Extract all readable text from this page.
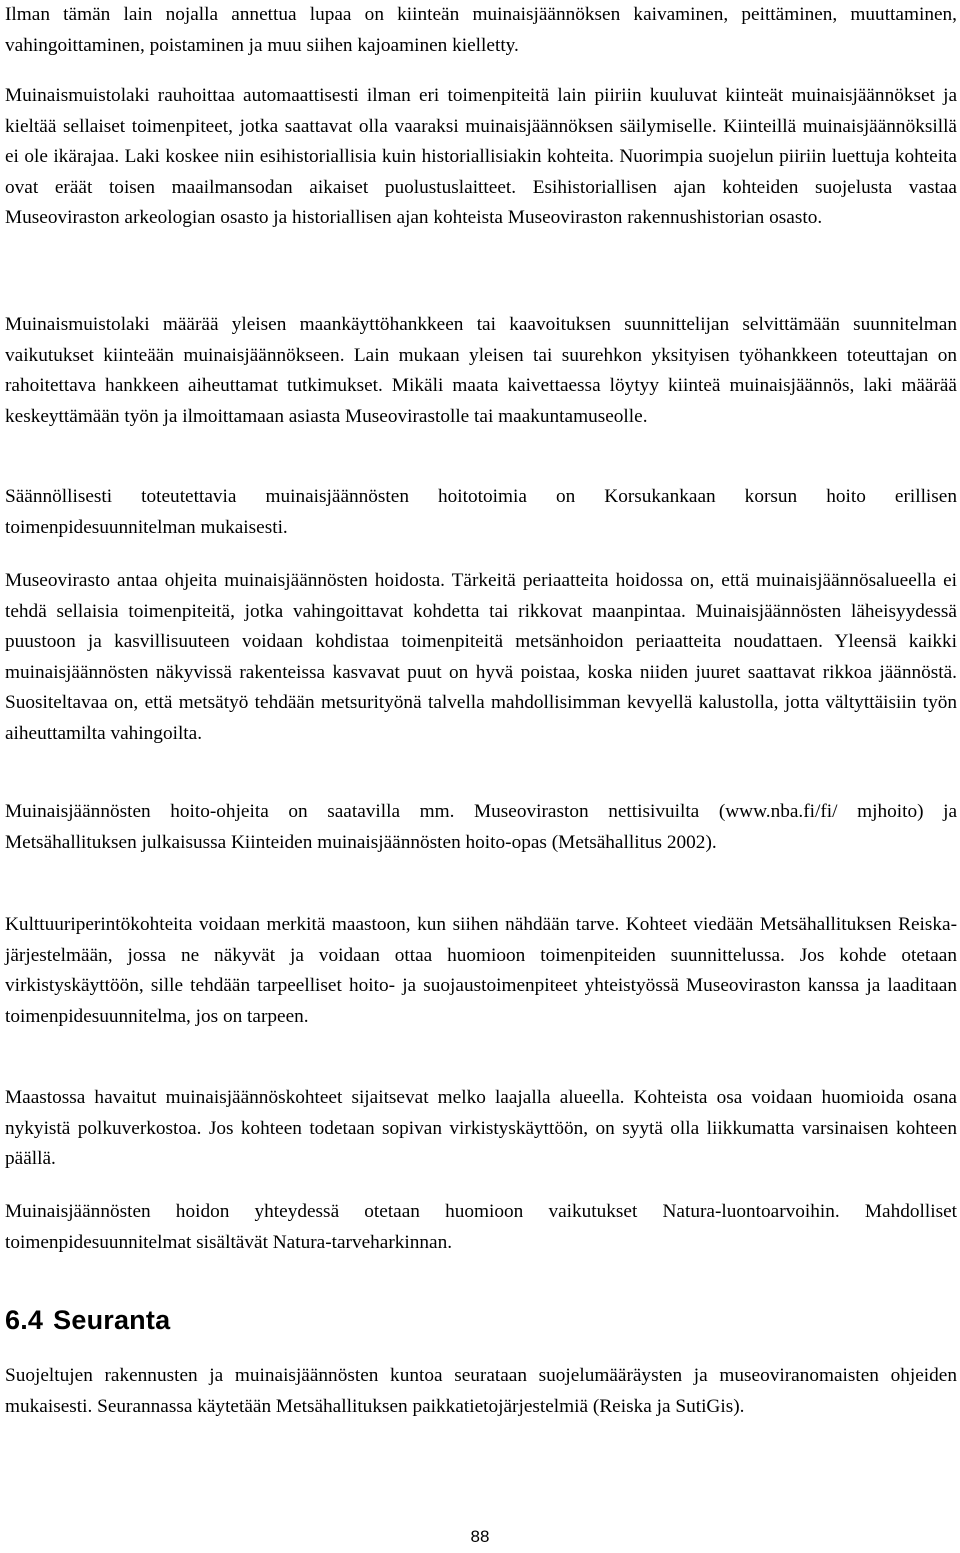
Ilman tämän lain nojalla annettua lupaa on kiinteän muinaisjäännöksen kaivaminen, peittäminen, muuttaminen, vahingoittaminen, poistaminen ja muu siihen kajoaminen kielletty.

Muinaismuistolaki rauhoittaa automaattisesti ilman eri toimenpiteitä lain piiriin kuuluvat kiinteät muinaisjäännökset ja kieltää sellaiset toimenpiteet, jotka saattavat olla vaaraksi muinaisjäännöksen säilymiselle. Kiinteillä muinaisjäännöksillä ei ole ikärajaa. Laki koskee niin esihistoriallisia kuin historiallisiakin kohteita. Nuorimpia suojelun piiriin luettuja kohteita ovat eräät toisen maailmansodan aikaiset puolustuslaitteet. Esihistoriallisen ajan kohteiden suojelusta vastaa Museoviraston arkeologian osasto ja historiallisen ajan kohteista Museoviraston rakennushistorian osasto.

Muinaismuistolaki määrää yleisen maankäyttöhankkeen tai kaavoituksen suunnittelijan selvittämään suunnitelman vaikutukset kiinteään muinaisjäännökseen. Lain mukaan yleisen tai suurehkon yksityisen työhankkeen toteuttajan on rahoitettava hankkeen aiheuttamat tutkimukset. Mikäli maata kaivettaessa löytyy kiinteä muinaisjäännös, laki määrää keskeyttämään työn ja ilmoittamaan asiasta Museovirastolle tai maakuntamuseolle.

Säännöllisesti toteutettavia muinaisjäännösten hoitotoimia on Korsukankaan korsun hoito erillisen toimenpidesuunnitelman mukaisesti.

Museovirasto antaa ohjeita muinaisjäännösten hoidosta. Tärkeitä periaatteita hoidossa on, että muinaisjäännösalueella ei tehdä sellaisia toimenpiteitä, jotka vahingoittavat kohdetta tai rikkovat maanpintaa. Muinaisjäännösten läheisyydessä puustoon ja kasvillisuuteen voidaan kohdistaa toimenpiteitä metsänhoidon periaatteita noudattaen. Yleensä kaikki muinaisjäännösten näkyvissä rakenteissa kasvavat puut on hyvä poistaa, koska niiden juuret saattavat rikkoa jäännöstä. Suositeltavaa on, että metsätyö tehdään metsurityönä talvella mahdollisimman kevyellä kalustolla, jotta vältyttäisiin työn aiheuttamilta vahingoilta.

Muinaisjäännösten hoito-ohjeita on saatavilla mm. Museoviraston nettisivuilta (www.nba.fi/fi/ mjhoito) ja Metsähallituksen julkaisussa Kiinteiden muinaisjäännösten hoito-opas (Metsähallitus 2002).

Kulttuuriperintökohteita voidaan merkitä maastoon, kun siihen nähdään tarve. Kohteet viedään Metsähallituksen Reiska-järjestelmään, jossa ne näkyvät ja voidaan ottaa huomioon toimenpiteiden suunnittelussa. Jos kohde otetaan virkistyskäyttöön, sille tehdään tarpeelliset hoito- ja suojaustoimenpiteet yhteistyössä Museoviraston kanssa ja laaditaan toimenpidesuunnitelma, jos on tarpeen.

Maastossa havaitut muinaisjäännöskohteet sijaitsevat melko laajalla alueella. Kohteista osa voidaan huomioida osana nykyistä polkuverkostoa. Jos kohteen todetaan sopivan virkistyskäyttöön, on syytä olla liikkumatta varsinaisen kohteen päällä.

Muinaisjäännösten hoidon yhteydessä otetaan huomioon vaikutukset Natura-luontoarvoihin. Mahdolliset toimenpidesuunnitelmat sisältävät Natura-tarveharkinnan.

6.4 Seuranta

Suojeltujen rakennusten ja muinaisjäännösten kuntoa seurataan suojelumääräysten ja museoviranomaisten ohjeiden mukaisesti. Seurannassa käytetään Metsähallituksen paikkatietojärjestelmiä (Reiska ja SutiGis).

88
